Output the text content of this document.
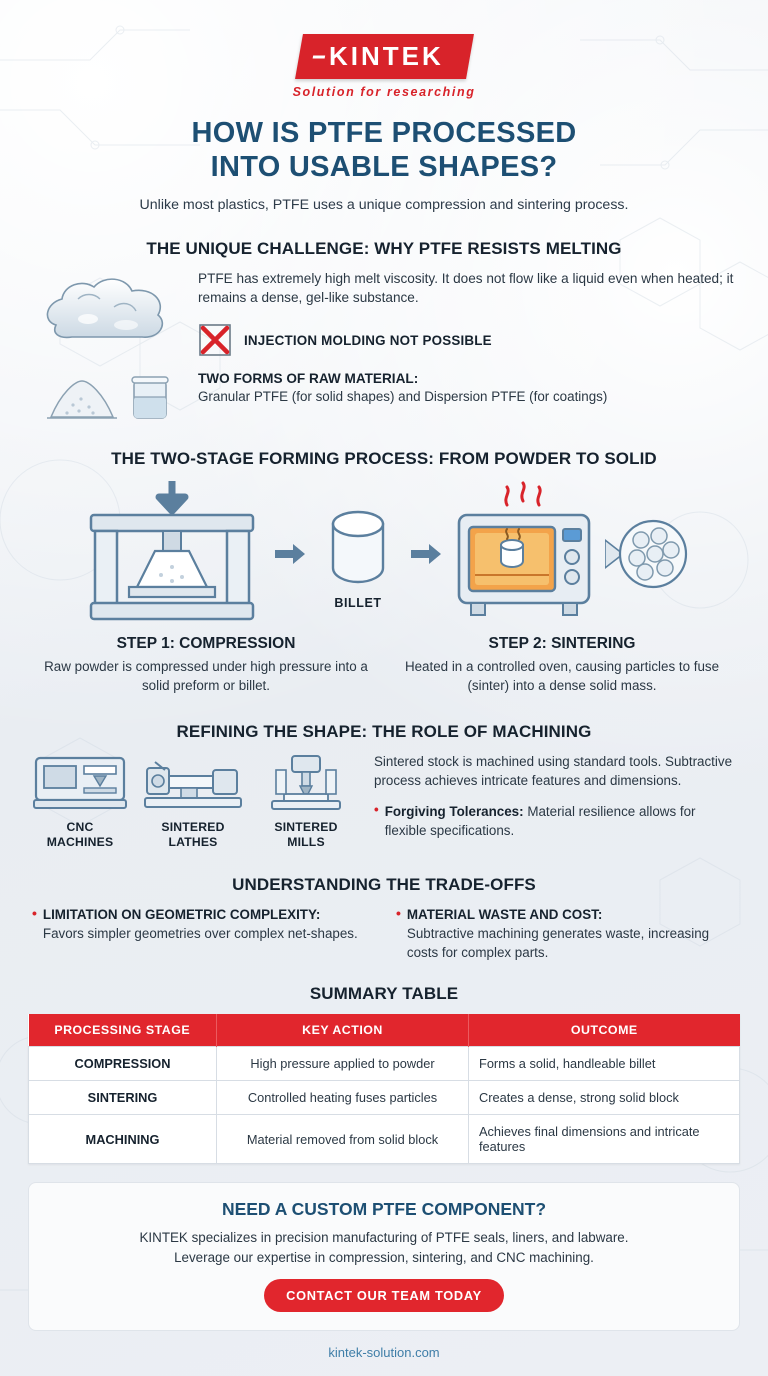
KINTEK
Solution for researching
HOW IS PTFE PROCESSED
INTO USABLE SHAPES?
Unlike most plastics, PTFE uses a unique compression and sintering process.
THE UNIQUE CHALLENGE: WHY PTFE RESISTS MELTING

PTFE has extremely high melt viscosity. It does not flow like a liquid even when heated; it remains a dense, gel-like substance.

INJECTION MOLDING NOT POSSIBLE
TWO FORMS OF RAW MATERIAL:
Granular PTFE (for solid shapes) and Dispersion PTFE (for coatings)
THE TWO-STAGE FORMING PROCESS: FROM POWDER TO SOLID
BILLET
STEP 1: COMPRESSION

Raw powder is compressed under high pressure into a solid preform or billet.

STEP 2: SINTERING

Heated in a controlled oven, causing particles to fuse (sinter) into a dense solid mass.

REFINING THE SHAPE: THE ROLE OF MACHINING
CNC
MACHINES
SINTERED
LATHES
SINTERED
MILLS

Sintered stock is machined using standard tools. Subtractive process achieves intricate features and dimensions.

• Forgiving Tolerances: Material resilience allows for flexible specifications.
UNDERSTANDING THE TRADE-OFFS
• LIMITATION ON GEOMETRIC COMPLEXITY:
Favors simpler geometries over complex net-shapes.
• MATERIAL WASTE AND COST:
Subtractive machining generates waste, increasing costs for complex parts.
SUMMARY TABLE
PROCESSING STAGE	KEY ACTION	OUTCOME
COMPRESSION	High pressure applied to powder	Forms a solid, handleable billet
SINTERING	Controlled heating fuses particles	Creates a dense, strong solid block
MACHINING	Material removed from solid block	Achieves final dimensions and intricate features
NEED A CUSTOM PTFE COMPONENT?

KINTEK specializes in precision manufacturing of PTFE seals, liners, and labware.

Leverage our expertise in compression, sintering, and CNC machining.

CONTACT OUR TEAM TODAY
kintek-solution.com
